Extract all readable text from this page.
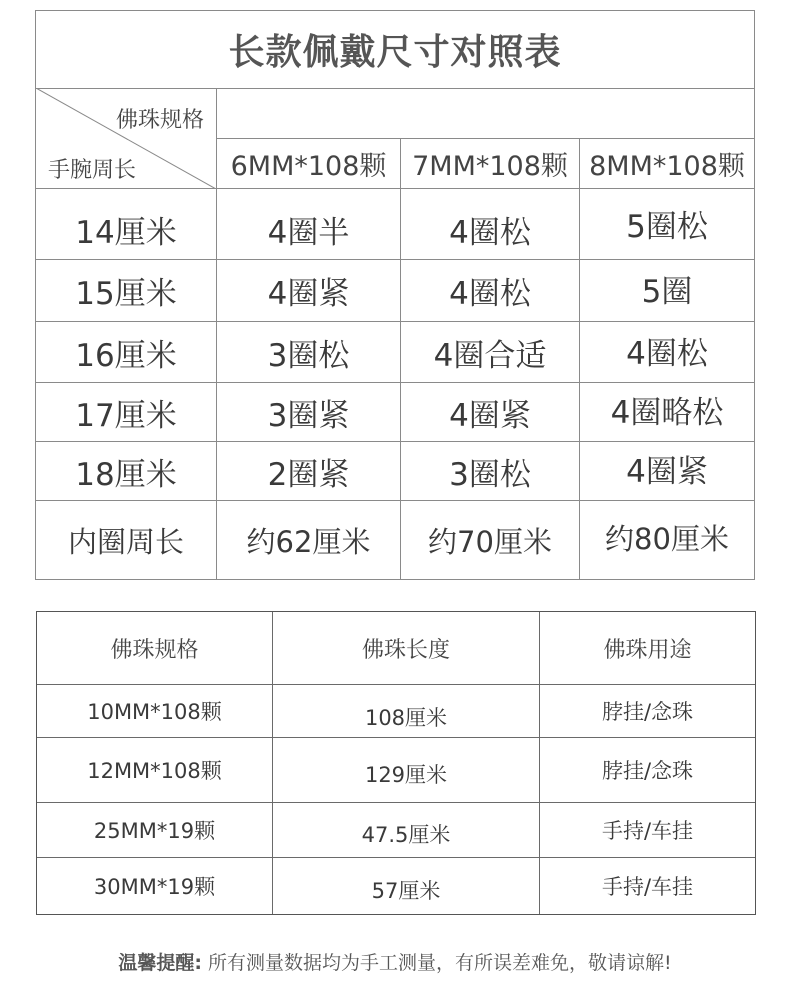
长款佩戴尺寸对照表
佛珠规格
手腕周长	6MM*108颗 7MM*108颗 8MM*108颗
14厘米	4圈半	4圈松	5圈松
15厘米	4圈紧	4圈松	5圈
16厘米	3圈松	4圈合适	4圈松
17厘米	3圈紧	4圈紧	4圈略松
18厘米	2圈紧	3圈松	4圈紧
内圈周长	约62厘米	约70厘米	约80厘米
佛珠规格	佛珠长度	佛珠用途
10MM*108颗	108厘米	脖挂/念珠
12MM*108颗	129厘米	脖挂/念珠
25MM*19颗	47.5厘米	手持/车挂
30MM*19颗	57厘米	手持/车挂
温馨提醒: 所有测量数据均为手工测量，有所误差难免，敬请谅解!
